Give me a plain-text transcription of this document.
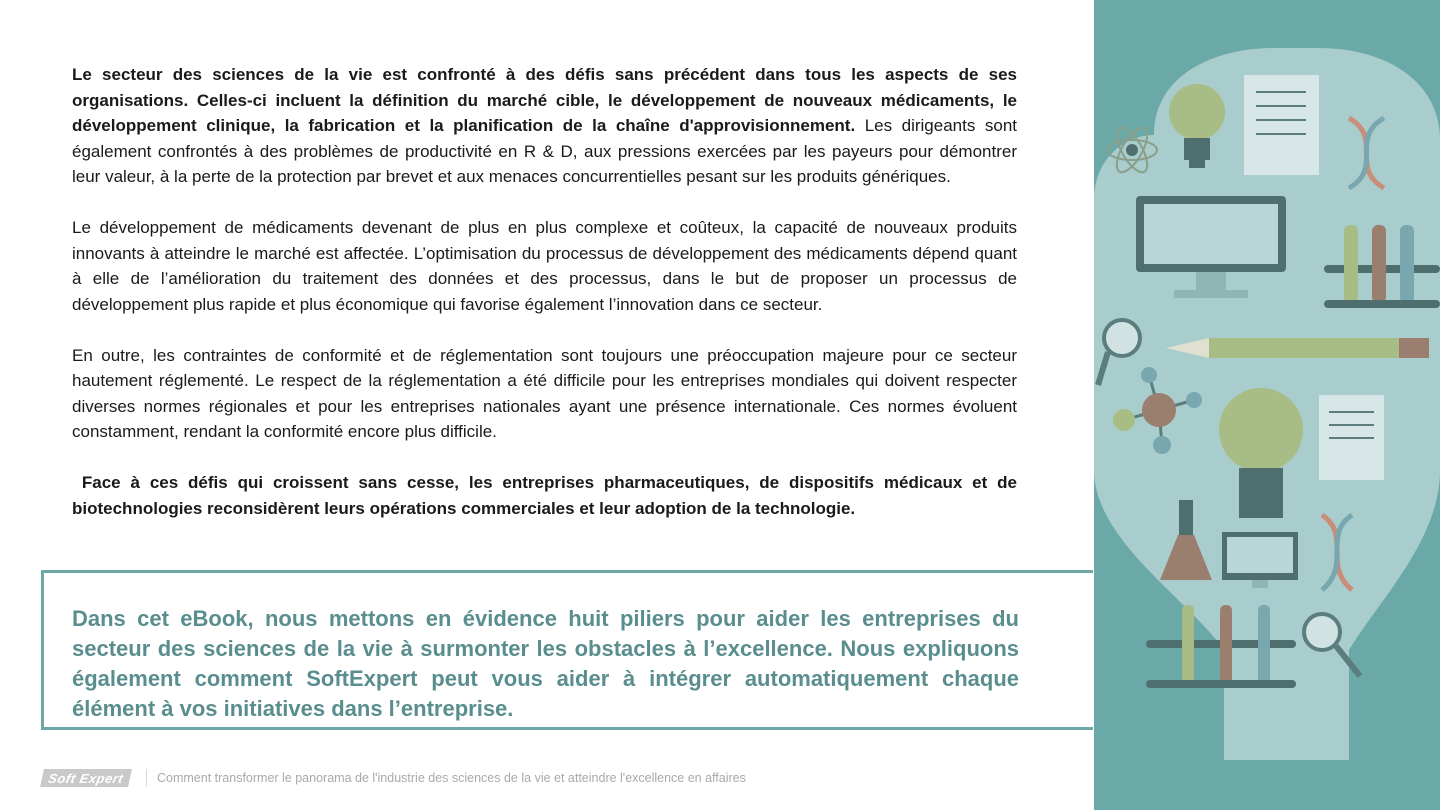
Le secteur des sciences de la vie est confronté à des défis sans précédent dans tous les aspects de ses organisations. Celles-ci incluent la définition du marché cible, le développement de nouveaux médicaments, le développement clinique, la fabrication et la planification de la chaîne d'approvisionnement. Les dirigeants sont également confrontés à des problèmes de productivité en R & D, aux pressions exercées par les payeurs pour démontrer leur valeur, à la perte de la protection par brevet et aux menaces concurrentielles pesant sur les produits génériques.

Le développement de médicaments devenant de plus en plus complexe et coûteux, la capacité de nouveaux produits innovants à atteindre le marché est affectée. L’optimisation du processus de développement des médicaments dépend quant à elle de l’amélioration du traitement des données et des processus, dans le but de proposer un processus de développement plus rapide et plus économique qui favorise également l’innovation dans ce secteur.

En outre, les contraintes de conformité et de réglementation sont toujours une préoccupation majeure pour ce secteur hautement réglementé. Le respect de la réglementation a été difficile pour les entreprises mondiales qui doivent respecter diverses normes régionales et pour les entreprises nationales ayant une présence internationale. Ces normes évoluent constamment, rendant la conformité encore plus difficile.

Face à ces défis qui croissent sans cesse, les entreprises pharmaceutiques, de dispositifs médicaux et de biotechnologies reconsidèrent leurs opérations commerciales et leur adoption de la technologie.

Dans cet eBook, nous mettons en évidence huit piliers pour aider les entreprises du secteur des sciences de la vie à surmonter les obstacles à l’excellence. Nous expliquons également comment SoftExpert peut vous aider à intégrer automatiquement chaque élément à vos initiatives dans l’entreprise.

Soft Expert	Comment transformer le panorama de l'industrie des sciences de la vie et atteindre l'excellence en affaires
